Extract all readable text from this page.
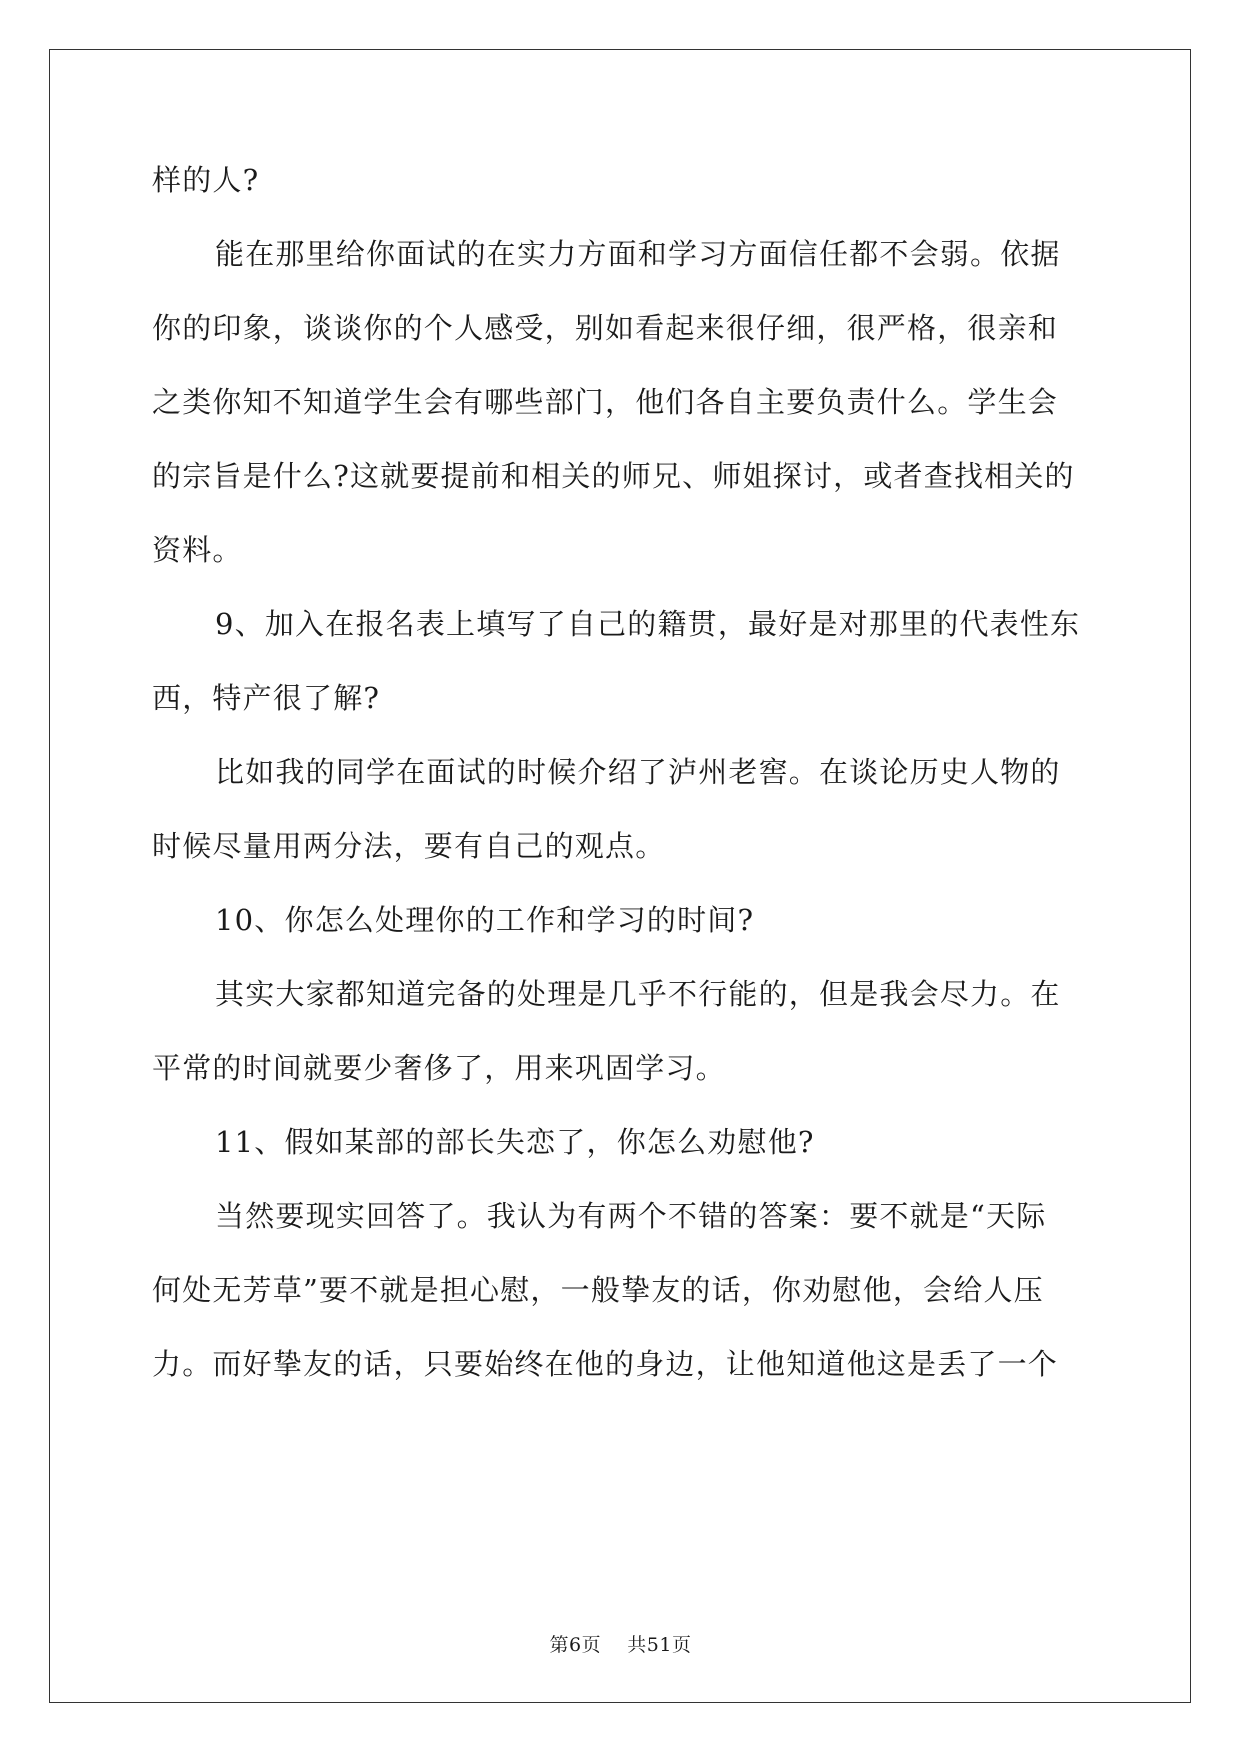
样的人?
能在那里给你面试的在实力方面和学习方面信任都不会弱。依据
你的印象，谈谈你的个人感受，别如看起来很仔细，很严格，很亲和
之类你知不知道学生会有哪些部门，他们各自主要负责什么。学生会
的宗旨是什么?这就要提前和相关的师兄、师姐探讨，或者查找相关的
资料。
9、加入在报名表上填写了自己的籍贯，最好是对那里的代表性东
西，特产很了解?
比如我的同学在面试的时候介绍了泸州老窖。在谈论历史人物的
时候尽量用两分法，要有自己的观点。
10、你怎么处理你的工作和学习的时间?
其实大家都知道完备的处理是几乎不行能的，但是我会尽力。在
平常的时间就要少奢侈了，用来巩固学习。
11、假如某部的部长失恋了，你怎么劝慰他?
当然要现实回答了。我认为有两个不错的答案：要不就是“天际
何处无芳草”要不就是担心慰，一般挚友的话，你劝慰他，会给人压
力。而好挚友的话，只要始终在他的身边，让他知道他这是丢了一个
第6页 共51页
